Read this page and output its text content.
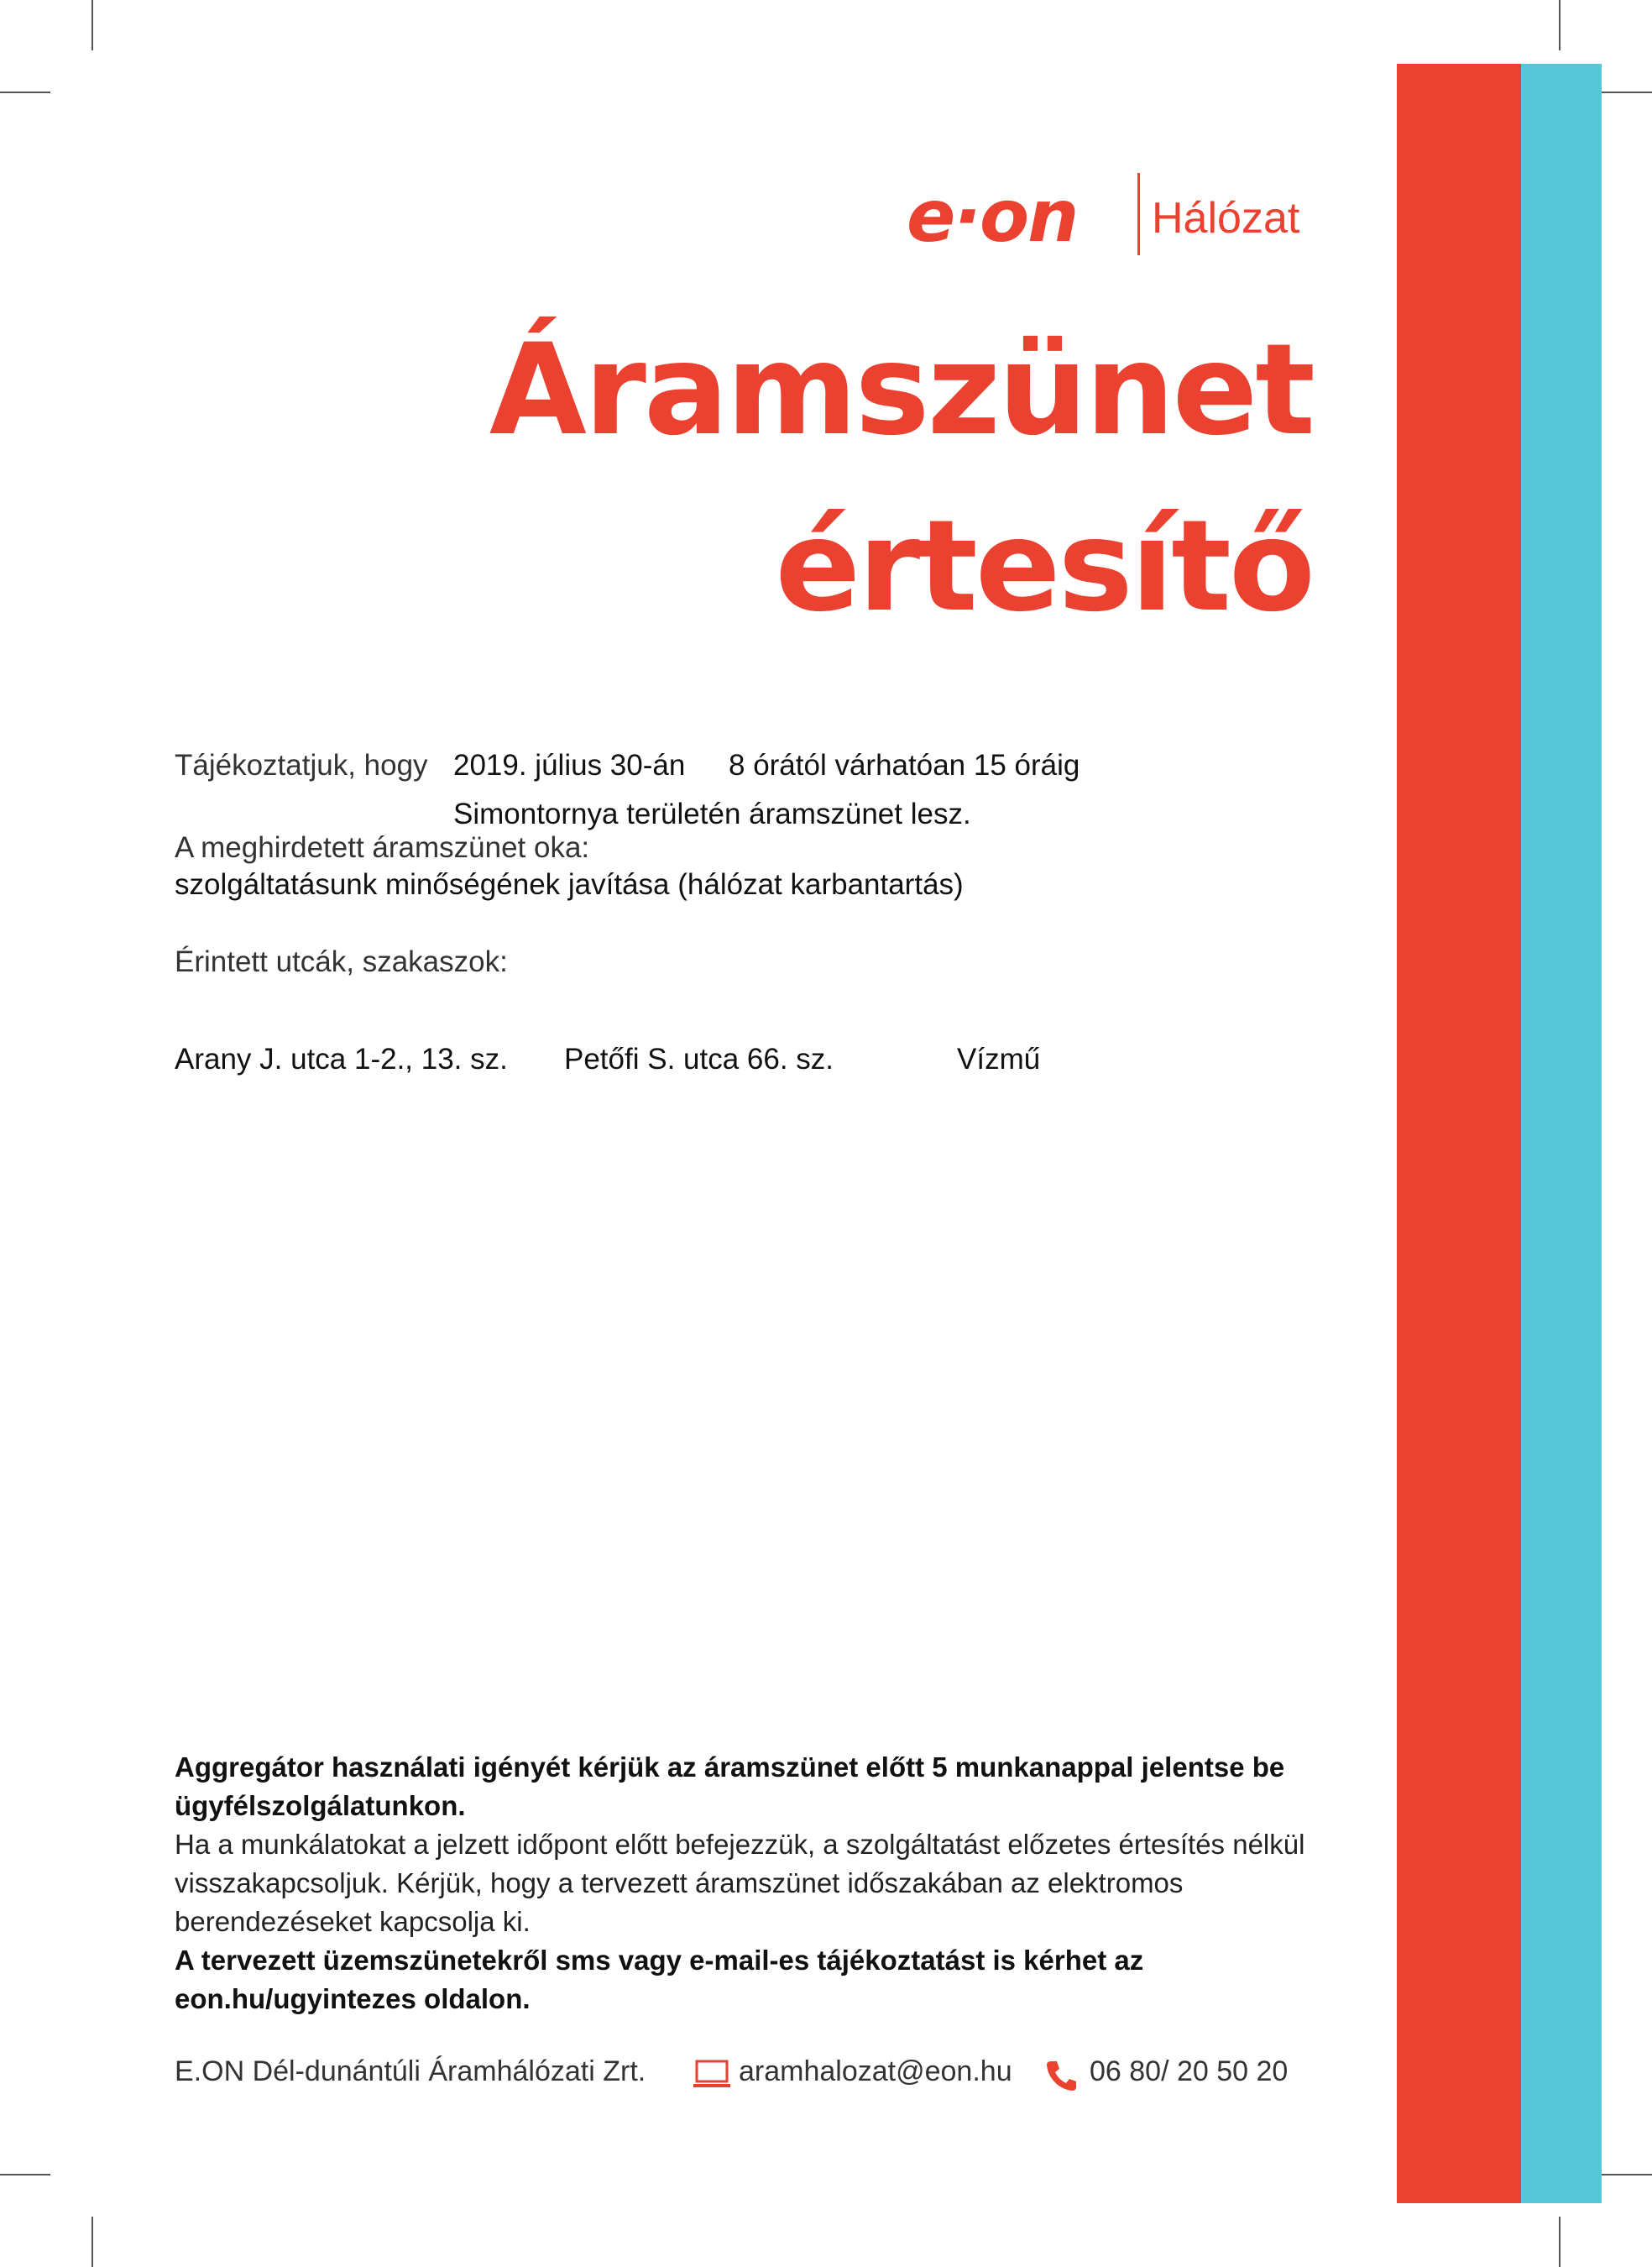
e·on Hálózat
Áramszünet
értesítő
Tájékoztatjuk, hogy 2019. július 30-án 8 órától várhatóan 15 óráig
Simontornya területén áramszünet lesz.
A meghirdetett áramszünet oka:
szolgáltatásunk minőségének javítása (hálózat karbantartás)
Érintett utcák, szakaszok:
Arany J. utca 1-2., 13. sz. Petőfi S. utca 66. sz.	Vízmű

Aggregátor használati igényét kérjük az áramszünet előtt 5 munkanappal jelentse be ügyfélszolgálatunkon.

Ha a munkálatokat a jelzett időpont előtt befejezzük, a szolgáltatást előzetes értesítés nélkül visszakapcsoljuk. Kérjük, hogy a tervezett áramszünet időszakában az elektromos berendezéseket kapcsolja ki.

A tervezett üzemszünetekről sms vagy e-mail-es tájékoztatást is kérhet az eon.hu/ugyintezes oldalon.

E.ON Dél-dunántúli Áramhálózati Zrt.	aramhalozat@eon.hu	06 80/ 20 50 20
